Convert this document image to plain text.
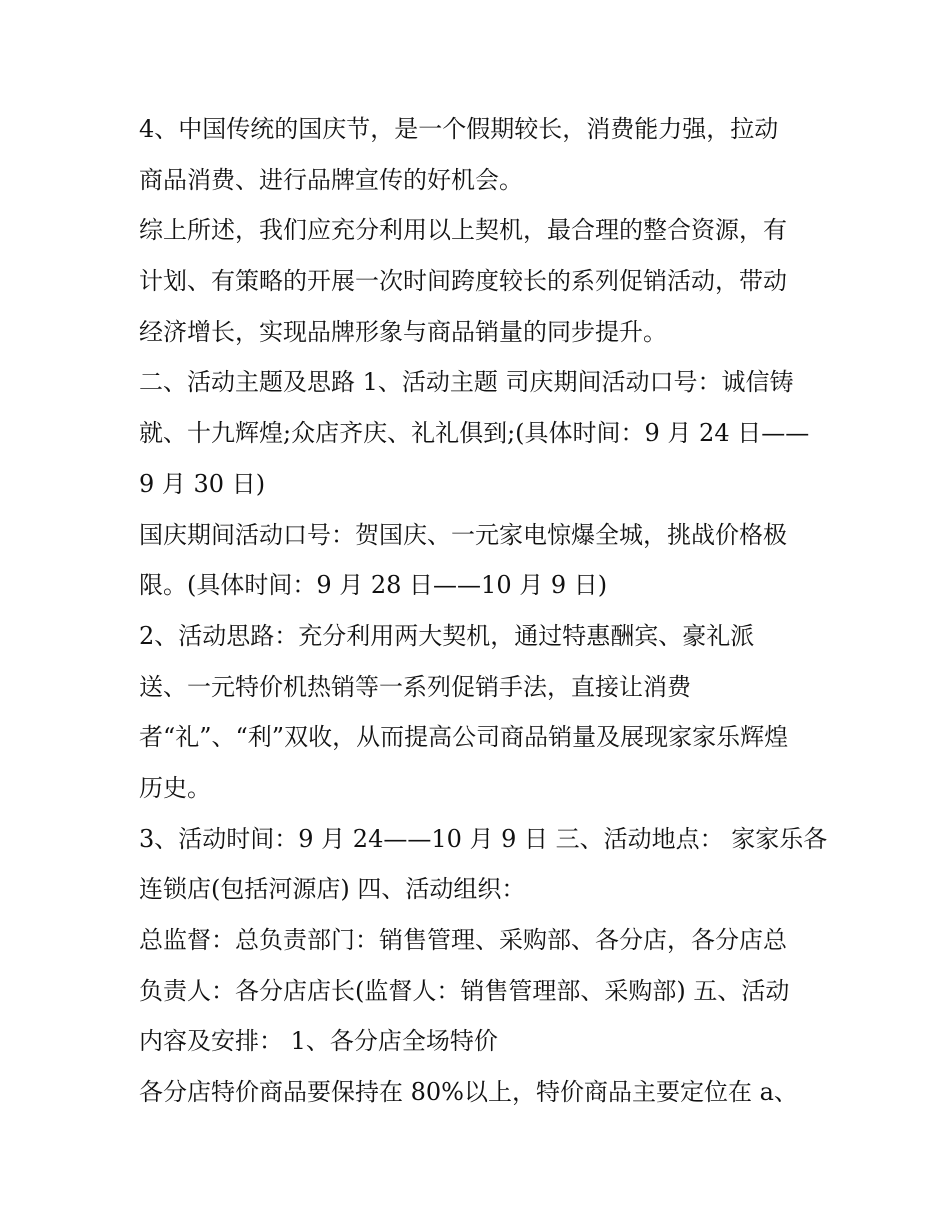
4、中国传统的国庆节，是一个假期较长，消费能力强，拉动
商品消费、进行品牌宣传的好机会。
综上所述，我们应充分利用以上契机，最合理的整合资源，有
计划、有策略的开展一次时间跨度较长的系列促销活动，带动
经济增长，实现品牌形象与商品销量的同步提升。
二、活动主题及思路 1、活动主题 司庆期间活动口号：诚信铸
就、十九辉煌;众店齐庆、礼礼俱到;(具体时间：9 月 24 日——
9 月 30 日)
国庆期间活动口号：贺国庆、一元家电惊爆全城，挑战价格极
限。(具体时间：9 月 28 日——10 月 9 日)
2、活动思路：充分利用两大契机，通过特惠酬宾、豪礼派
送、一元特价机热销等一系列促销手法，直接让消费
者“礼”、“利”双收，从而提高公司商品销量及展现家家乐辉煌
历史。
3、活动时间：9 月 24——10 月 9 日 三、活动地点： 家家乐各
连锁店(包括河源店) 四、活动组织：
总监督：总负责部门：销售管理、采购部、各分店，各分店总
负责人：各分店店长(监督人：销售管理部、采购部) 五、活动
内容及安排： 1、各分店全场特价
各分店特价商品要保持在 80%以上，特价商品主要定位在 a、
